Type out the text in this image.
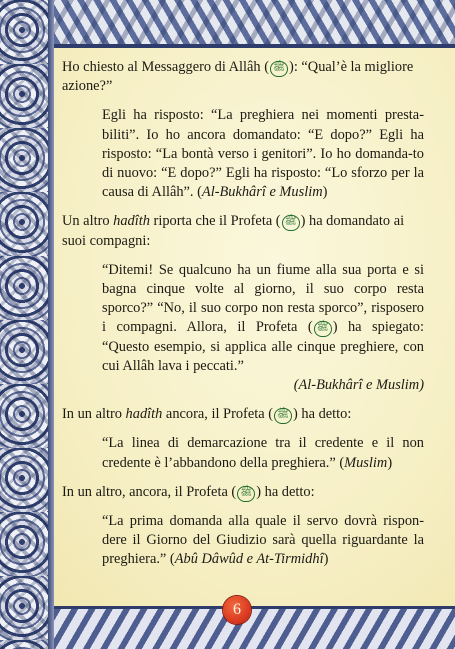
Ho chiesto al Messaggero di Allâh ( ﷺ ): “Qual’è la migliore azione?”

Egli ha risposto: “La preghiera nei momenti presta-biliti”. Io ho ancora domandato: “E dopo?” Egli ha risposto: “La bontà verso i genitori”. Io ho domanda-to di nuovo: “E dopo?” Egli ha risposto: “Lo sforzo per la causa di Allâh”. (Al-Bukhârî e Muslim)

Un altro hadîth riporta che il Profeta ( ﷺ ) ha domandato ai suoi compagni:

“Ditemi! Se qualcuno ha un fiume alla sua porta e si bagna cinque volte al giorno, il suo corpo resta sporco?” “No, il suo corpo non resta sporco”, risposero i compagni. Allora, il Profeta ( ﷺ ) ha spiegato: “Questo esempio, si applica alle cinque preghiere, con cui Allâh lava i peccati.”

(Al-Bukhârî e Muslim)

In un altro hadîth ancora, il Profeta ( ﷺ ) ha detto:

“La linea di demarcazione tra il credente e il non credente è l’abbandono della preghiera.” (Muslim)

In un altro, ancora, il Profeta ( ﷺ ) ha detto:

“La prima domanda alla quale il servo dovrà rispon-dere il Giorno del Giudizio sarà quella riguardante la preghiera.” (Abû Dâwûd e At-Tirmidhî)

6
